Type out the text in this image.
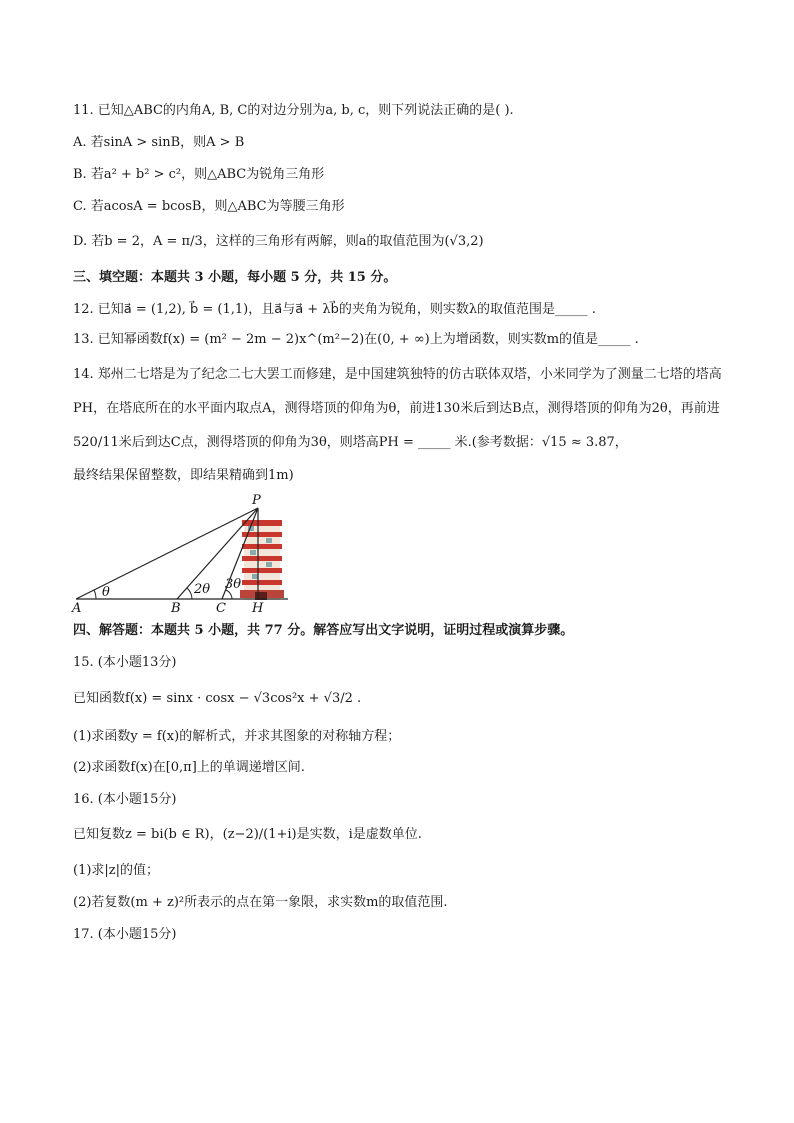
11. 已知△ABC的内角A, B, C的对边分别为a, b, c，则下列说法正确的是( ).
A. 若sinA > sinB，则A > B
B. 若a² + b² > c²，则△ABC为锐角三角形
C. 若acosA = bcosB，则△ABC为等腰三角形
D. 若b = 2，A = π/3，这样的三角形有两解，则a的取值范围为(√3,2)
三、填空题：本题共 3 小题，每小题 5 分，共 15 分。
12. 已知a⃗ = (1,2), b⃗ = (1,1)，且a⃗与a⃗ + λb⃗的夹角为锐角，则实数λ的取值范围是_____ .
13. 已知幂函数f(x) = (m² − 2m − 2)x^(m²−2)在(0, + ∞)上为增函数，则实数m的值是_____ .
14. 郑州二七塔是为了纪念二七大罢工而修建，是中国建筑独特的仿古联体双塔，小米同学为了测量二七塔的塔高PH，在塔底所在的水平面内取点A，测得塔顶的仰角为θ，前进130米后到达B点，测得塔顶的仰角为2θ，再前进520/11米后到达C点，测得塔顶的仰角为3θ，则塔高PH = _____ 米.(参考数据：√15 ≈ 3.87，
最终结果保留整数，即结果精确到1m)
P
A	B	C H
θ	2θ 3θ
四、解答题：本题共 5 小题，共 77 分。解答应写出文字说明，证明过程或演算步骤。
15. (本小题13分)
已知函数f(x) = sinx · cosx − √3cos²x + √3/2 .
(1)求函数y = f(x)的解析式，并求其图象的对称轴方程；
(2)求函数f(x)在[0,π]上的单调递增区间.
16. (本小题15分)
已知复数z = bi(b ∈ R)，(z−2)/(1+i)是实数，i是虚数单位.
(1)求|z|的值；
(2)若复数(m + z)²所表示的点在第一象限，求实数m的取值范围.
17. (本小题15分)
